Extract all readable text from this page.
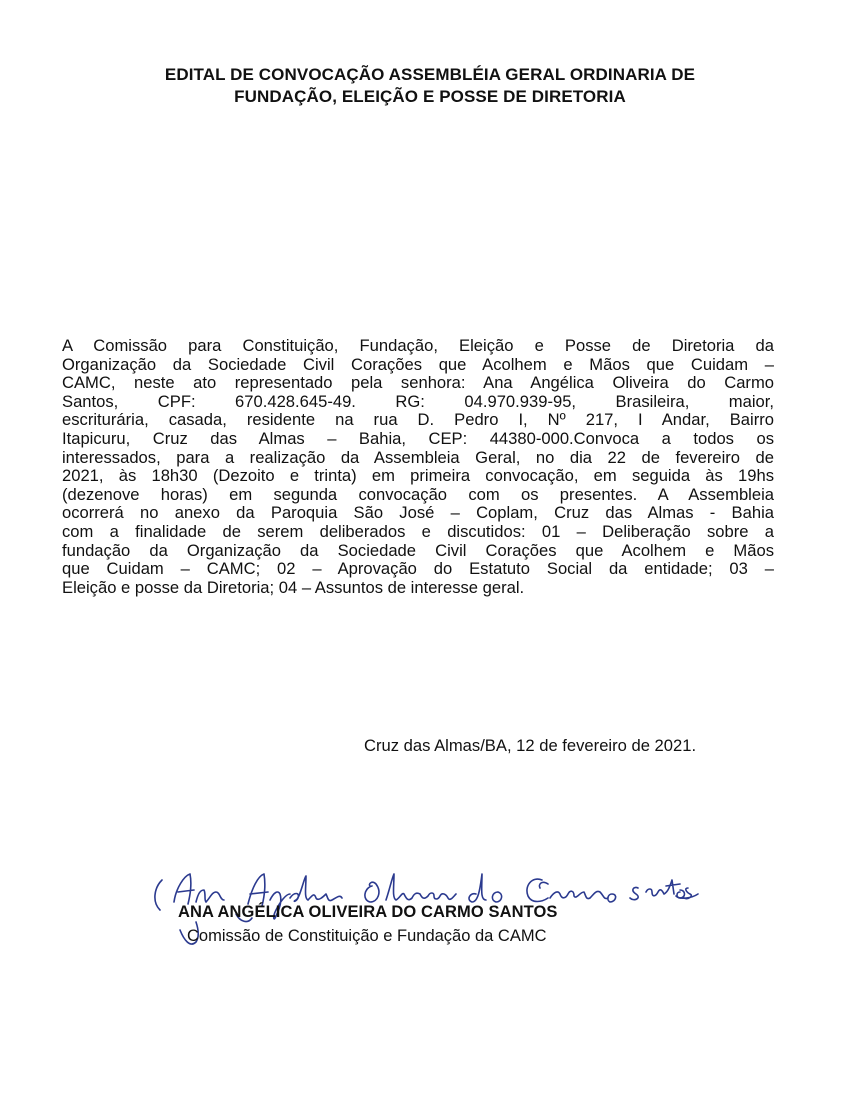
EDITAL DE CONVOCAÇÃO ASSEMBLÉIA GERAL ORDINARIA DE
FUNDAÇÃO, ELEIÇÃO E POSSE DE DIRETORIA
A Comissão para Constituição, Fundação, Eleição e Posse de Diretoria da
Organização da Sociedade Civil Corações que Acolhem e Mãos que Cuidam –
CAMC, neste ato representado pela senhora: Ana Angélica Oliveira do Carmo
Santos, CPF: 670.428.645-49. RG: 04.970.939-95, Brasileira, maior,
escriturária, casada, residente na rua D. Pedro I, Nº 217, I Andar, Bairro
Itapicuru, Cruz das Almas – Bahia, CEP: 44380-000.Convoca a todos os
interessados, para a realização da Assembleia Geral, no dia 22 de fevereiro de
2021, às 18h30 (Dezoito e trinta) em primeira convocação, em seguida às 19hs
(dezenove horas) em segunda convocação com os presentes. A Assembleia
ocorrerá no anexo da Paroquia São José – Coplam, Cruz das Almas - Bahia
com a finalidade de serem deliberados e discutidos: 01 – Deliberação sobre a
fundação da Organização da Sociedade Civil Corações que Acolhem e Mãos
que Cuidam – CAMC; 02 – Aprovação do Estatuto Social da entidade; 03 –
Eleição e posse da Diretoria; 04 – Assuntos de interesse geral.
Cruz das Almas/BA, 12 de fevereiro de 2021.
ANA ANGÉLICA OLIVEIRA DO CARMO SANTOS
Comissão de Constituição e Fundação da CAMC
